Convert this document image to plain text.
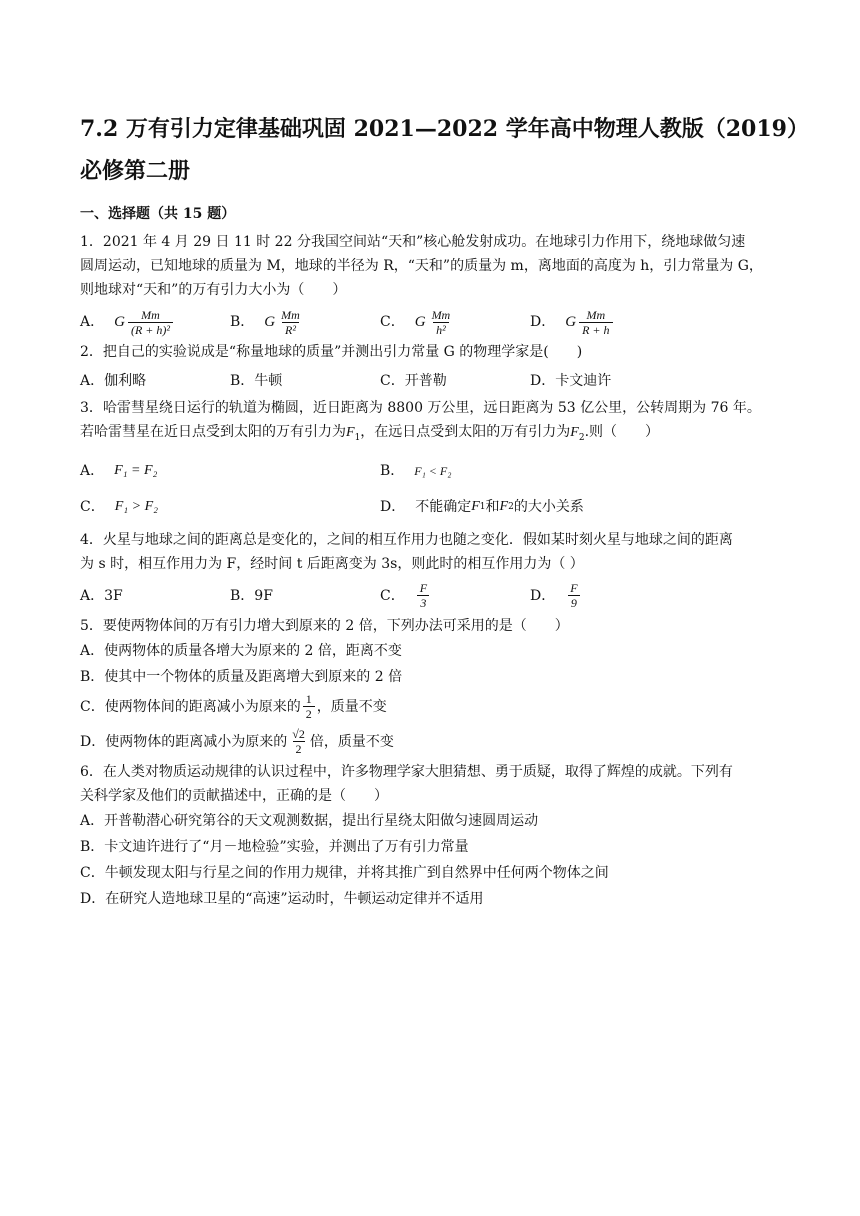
7.2 万有引力定律基础巩固 2021—2022 学年高中物理人教版（2019）

必修第二册

一、选择题（共 15 题）

1．2021 年 4 月 29 日 11 时 22 分我国空间站“天和”核心舱发射成功。在地球引力作用下，绕地球做匀速

圆周运动，已知地球的质量为 M，地球的半径为 R，“天和”的质量为 m，离地面的高度为 h，引力常量为 G，

则地球对“天和”的万有引力大小为（　　）

A． G $\frac{Mm}{\text{(R + h)²}}$	B． G $\frac{Mm}{\text{R²}}$	C． G $\frac{Mm}{\text{h²}}$	D． G $\frac{Mm}{R + h}$

2．把自己的实验说成是“称量地球的质量”并测出引力常量 G 的物理学家是(　　)

A．伽利略	B．牛顿	C．开普勒	D．卡文迪许

3．哈雷彗星绕日运行的轨道为椭圆，近日距离为 8800 万公里，远日距离为 53 亿公里，公转周期为 76 年。

若哈雷彗星在近日点受到太阳的万有引力为$F_1$，在远日点受到太阳的万有引力为$F_2$.则（　　）

A． F₁ = F₂	B． F₁ < F₂
C． F₁ > F₂	D． 不能确定 F 1 和 F 2 的大小关系

4．火星与地球之间的距离总是变化的，之间的相互作用力也随之变化．假如某时刻火星与地球之间的距离

为 s 时，相互作用力为 F，经时间 t 后距离变为 3s，则此时的相互作用力为（ ）

A．3F	B．9F	C． $\frac{F}{3}$	D． $\frac{F}{9}$

5．要使两物体间的万有引力增大到原来的 2 倍，下列办法可采用的是（　　）

A．使两物体的质量各增大为原来的 2 倍，距离不变

B．使其中一个物体的质量及距离增大到原来的 2 倍

C．使两物体间的距离减小为原来的 $\frac{1}{2}$ ，质量不变

D．使两物体的距离减小为原来的 $\frac{√2}{2}$ 倍，质量不变

6．在人类对物质运动规律的认识过程中，许多物理学家大胆猜想、勇于质疑，取得了辉煌的成就。下列有

关科学家及他们的贡献描述中，正确的是（　　）

A．开普勒潜心研究第谷的天文观测数据，提出行星绕太阳做匀速圆周运动

B．卡文迪许进行了“月－地检验”实验，并测出了万有引力常量

C．牛顿发现太阳与行星之间的作用力规律，并将其推广到自然界中任何两个物体之间

D．在研究人造地球卫星的“高速”运动时，牛顿运动定律并不适用
